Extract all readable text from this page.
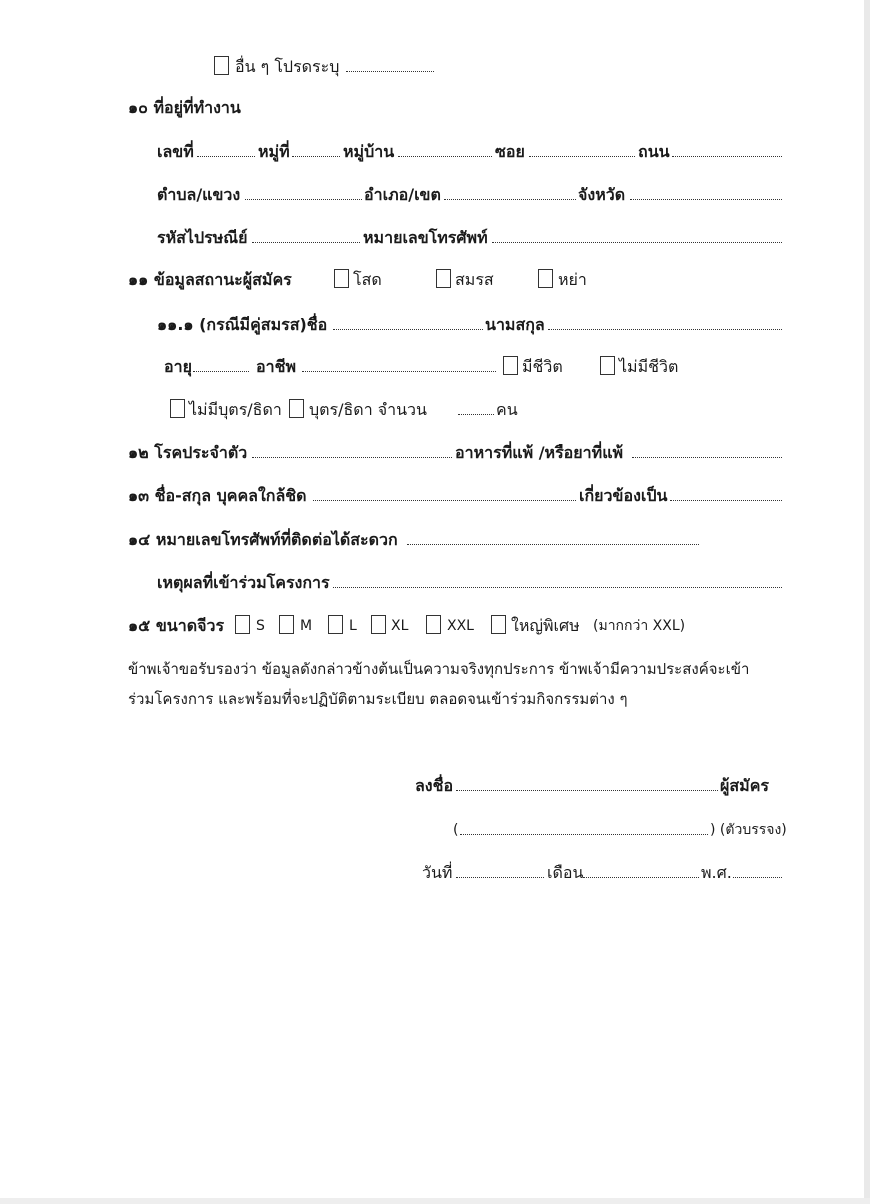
อื่น ๆ โปรดระบุ
๑๐ ที่อยู่ที่ทำงาน
เลขที่	หมู่ที่	หมู่บ้าน	ซอย	ถนน
ตำบล/แขวง	อำเภอ/เขต	จังหวัด
รหัสไปรษณีย์	หมายเลขโทรศัพท์
๑๑ ข้อมูลสถานะผู้สมัคร	โสด	สมรส	หย่า
๑๑.๑ (กรณีมีคู่สมรส)ชื่อ	นามสกุล
อายุ	อาชีพ	มีชีวิต	ไม่มีชีวิต
ไม่มีบุตร/ธิดา บุตร/ธิดา จำนวน	คน
๑๒ โรคประจำตัว	อาหารที่แพ้ /หรือยาที่แพ้
๑๓ ชื่อ-สกุล บุคคลใกล้ชิด	เกี่ยวข้องเป็น
๑๔ หมายเลขโทรศัพท์ที่ติดต่อได้สะดวก
เหตุผลที่เข้าร่วมโครงการ
๑๕ ขนาดจีวร S	M	L XL	XXL ใหญ่พิเศษ (มากกว่า XXL)
ข้าพเจ้าขอรับรองว่า ข้อมูลดังกล่าวข้างต้นเป็นความจริงทุกประการ ข้าพเจ้ามีความประสงค์จะเข้า
ร่วมโครงการ และพร้อมที่จะปฏิบัติตามระเบียบ ตลอดจนเข้าร่วมกิจกรรมต่าง ๆ
ลงชื่อ	ผู้สมัคร
(	) (ตัวบรรจง)
วันที่	เดือน	พ.ศ.
